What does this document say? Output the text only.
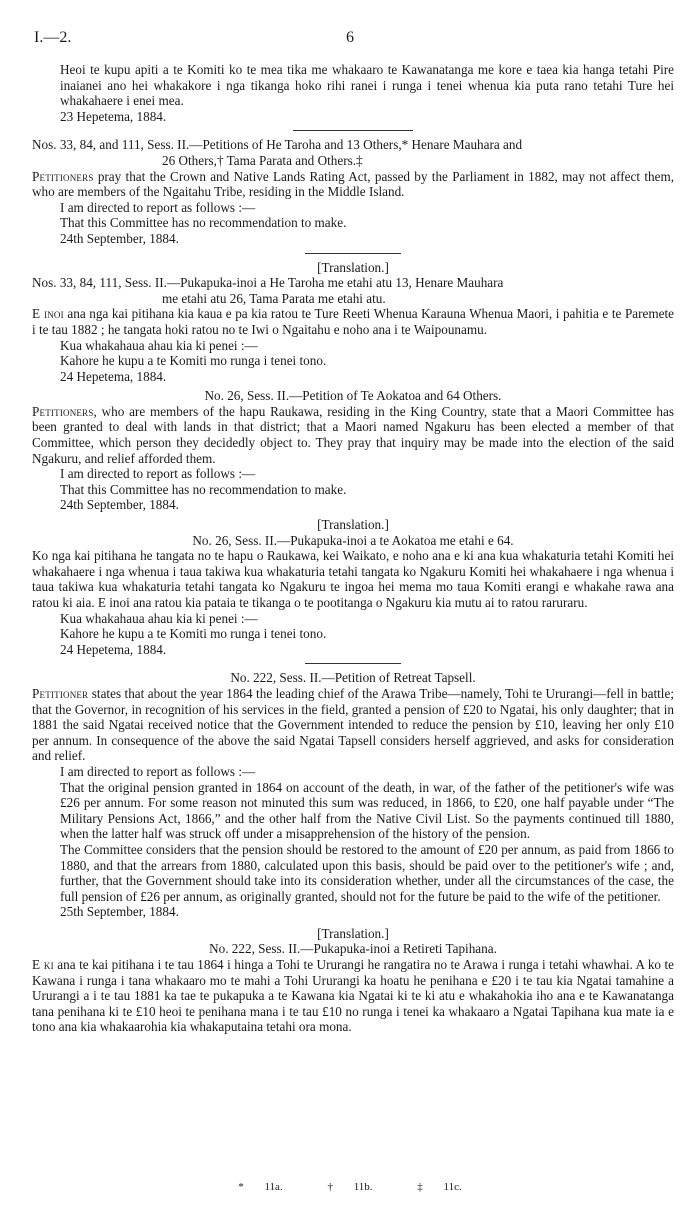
I.—2.	6

Heoi te kupu apiti a te Komiti ko te mea tika me whakaaro te Kawanatanga me kore e taea kia hanga tetahi Pire inaianei ano hei whakakore i nga tikanga hoko rihi ranei i runga i tenei whenua kia puta rano tetahi Ture hei whakahaere i enei mea.

23 Hepetema, 1884.

Nos. 33, 84, and 111, Sess. II.—Petitions of He Taroha and 13 Others,* Henare Mauhara and

26 Others,† Tama Parata and Others.‡

Petitioners pray that the Crown and Native Lands Rating Act, passed by the Parliament in 1882, may not affect them, who are members of the Ngaitahu Tribe, residing in the Middle Island.

I am directed to report as follows :—

That this Committee has no recommendation to make.

24th September, 1884.

[Translation.]

Nos. 33, 84, 111, Sess. II.—Pukapuka-inoi a He Taroha me etahi atu 13, Henare Mauhara

me etahi atu 26, Tama Parata me etahi atu.

E inoi ana nga kai pitihana kia kaua e pa kia ratou te Ture Reeti Whenua Karauna Whenua Maori, i pahitia e te Paremete i te tau 1882 ; he tangata hoki ratou no te Iwi o Ngaitahu e noho ana i te Waipounamu.

Kua whakahaua ahau kia ki penei :—

Kahore he kupu a te Komiti mo runga i tenei tono.

24 Hepetema, 1884.

No. 26, Sess. II.—Petition of Te Aokatoa and 64 Others.

Petitioners, who are members of the hapu Raukawa, residing in the King Country, state that a Maori Committee has been granted to deal with lands in that district; that a Maori named Ngakuru has been elected a member of that Committee, which person they decidedly object to. They pray that inquiry may be made into the election of the said Ngakuru, and relief afforded them.

I am directed to report as follows :—

That this Committee has no recommendation to make.

24th September, 1884.

[Translation.]

No. 26, Sess. II.—Pukapuka-inoi a te Aokatoa me etahi e 64.

Ko nga kai pitihana he tangata no te hapu o Raukawa, kei Waikato, e noho ana e ki ana kua whakaturia tetahi Komiti hei whakahaere i nga whenua i taua takiwa kua whakaturia tetahi tangata ko Ngakuru Komiti hei whakahaere i nga whenua i taua takiwa kua whakaturia tetahi tangata ko Ngakuru te ingoa hei mema mo taua Komiti erangi e whakahe rawa ana ratou ki aia. E inoi ana ratou kia pataia te tikanga o te pootitanga o Ngakuru kia mutu ai to ratou raruraru.

Kua whakahaua ahau kia ki penei :—

Kahore he kupu a te Komiti mo runga i tenei tono.

24 Hepetema, 1884.

No. 222, Sess. II.—Petition of Retreat Tapsell.

Petitioner states that about the year 1864 the leading chief of the Arawa Tribe—namely, Tohi te Ururangi—fell in battle; that the Governor, in recognition of his services in the field, granted a pension of £20 to Ngatai, his only daughter; that in 1881 the said Ngatai received notice that the Government intended to reduce the pension by £10, leaving her only £10 per annum. In consequence of the above the said Ngatai Tapsell considers herself aggrieved, and asks for consideration and relief.

I am directed to report as follows :—

That the original pension granted in 1864 on account of the death, in war, of the father of the petitioner's wife was £26 per annum. For some reason not minuted this sum was reduced, in 1866, to £20, one half payable under “The Military Pensions Act, 1866,” and the other half from the Native Civil List. So the payments continued till 1880, when the latter half was struck off under a misapprehension of the history of the pension.

The Committee considers that the pension should be restored to the amount of £20 per annum, as paid from 1866 to 1880, and that the arrears from 1880, calculated upon this basis, should be paid over to the petitioner's wife ; and, further, that the Government should take into its consideration whether, under all the circumstances of the case, the full pension of £26 per annum, as originally granted, should not for the future be paid to the wife of the petitioner.

25th September, 1884.

[Translation.]

No. 222, Sess. II.—Pukapuka-inoi a Retireti Tapihana.

E ki ana te kai pitihana i te tau 1864 i hinga a Tohi te Ururangi he rangatira no te Arawa i runga i tetahi whawhai. A ko te Kawana i runga i tana whakaaro mo te mahi a Tohi Ururangi ka hoatu he penihana e £20 i te tau kia Ngatai tamahine a Ururangi a i te tau 1881 ka tae te pukapuka a te Kawana kia Ngatai ki te ki atu e whakahokia iho ana e te Kawanatanga tana penihana ki te £10 heoi te penihana mana i te tau £10 no runga i tenei ka whakaaro a Ngatai Tapihana kua mate ia e tono ana kia whakaarohia kia whakaputaina tetahi ora mona.

* 11a.	† 11b.	‡ 11c.
